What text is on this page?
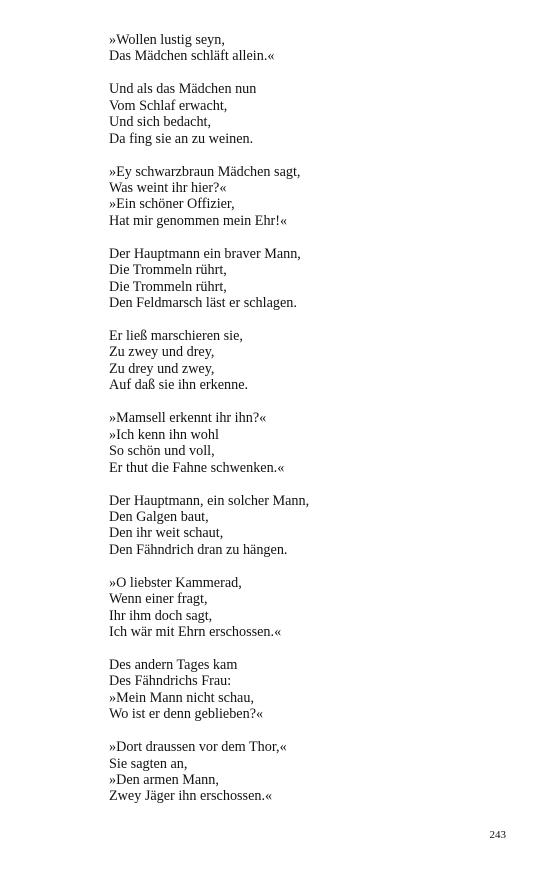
»Wollen lustig seyn,
Das Mädchen schläft allein.«
Und als das Mädchen nun
Vom Schlaf erwacht,
Und sich bedacht,
Da fing sie an zu weinen.
»Ey schwarzbraun Mädchen sagt,
Was weint ihr hier?«
»Ein schöner Offizier,
Hat mir genommen mein Ehr!«
Der Hauptmann ein braver Mann,
Die Trommeln rührt,
Die Trommeln rührt,
Den Feldmarsch läst er schlagen.
Er ließ marschieren sie,
Zu zwey und drey,
Zu drey und zwey,
Auf daß sie ihn erkenne.
»Mamsell erkennt ihr ihn?«
»Ich kenn ihn wohl
So schön und voll,
Er thut die Fahne schwenken.«
Der Hauptmann, ein solcher Mann,
Den Galgen baut,
Den ihr weit schaut,
Den Fähndrich dran zu hängen.
»O liebster Kammerad,
Wenn einer fragt,
Ihr ihm doch sagt,
Ich wär mit Ehrn erschossen.«
Des andern Tages kam
Des Fähndrichs Frau:
»Mein Mann nicht schau,
Wo ist er denn geblieben?«
»Dort draussen vor dem Thor,«
Sie sagten an,
»Den armen Mann,
Zwey Jäger ihn erschossen.«
243
